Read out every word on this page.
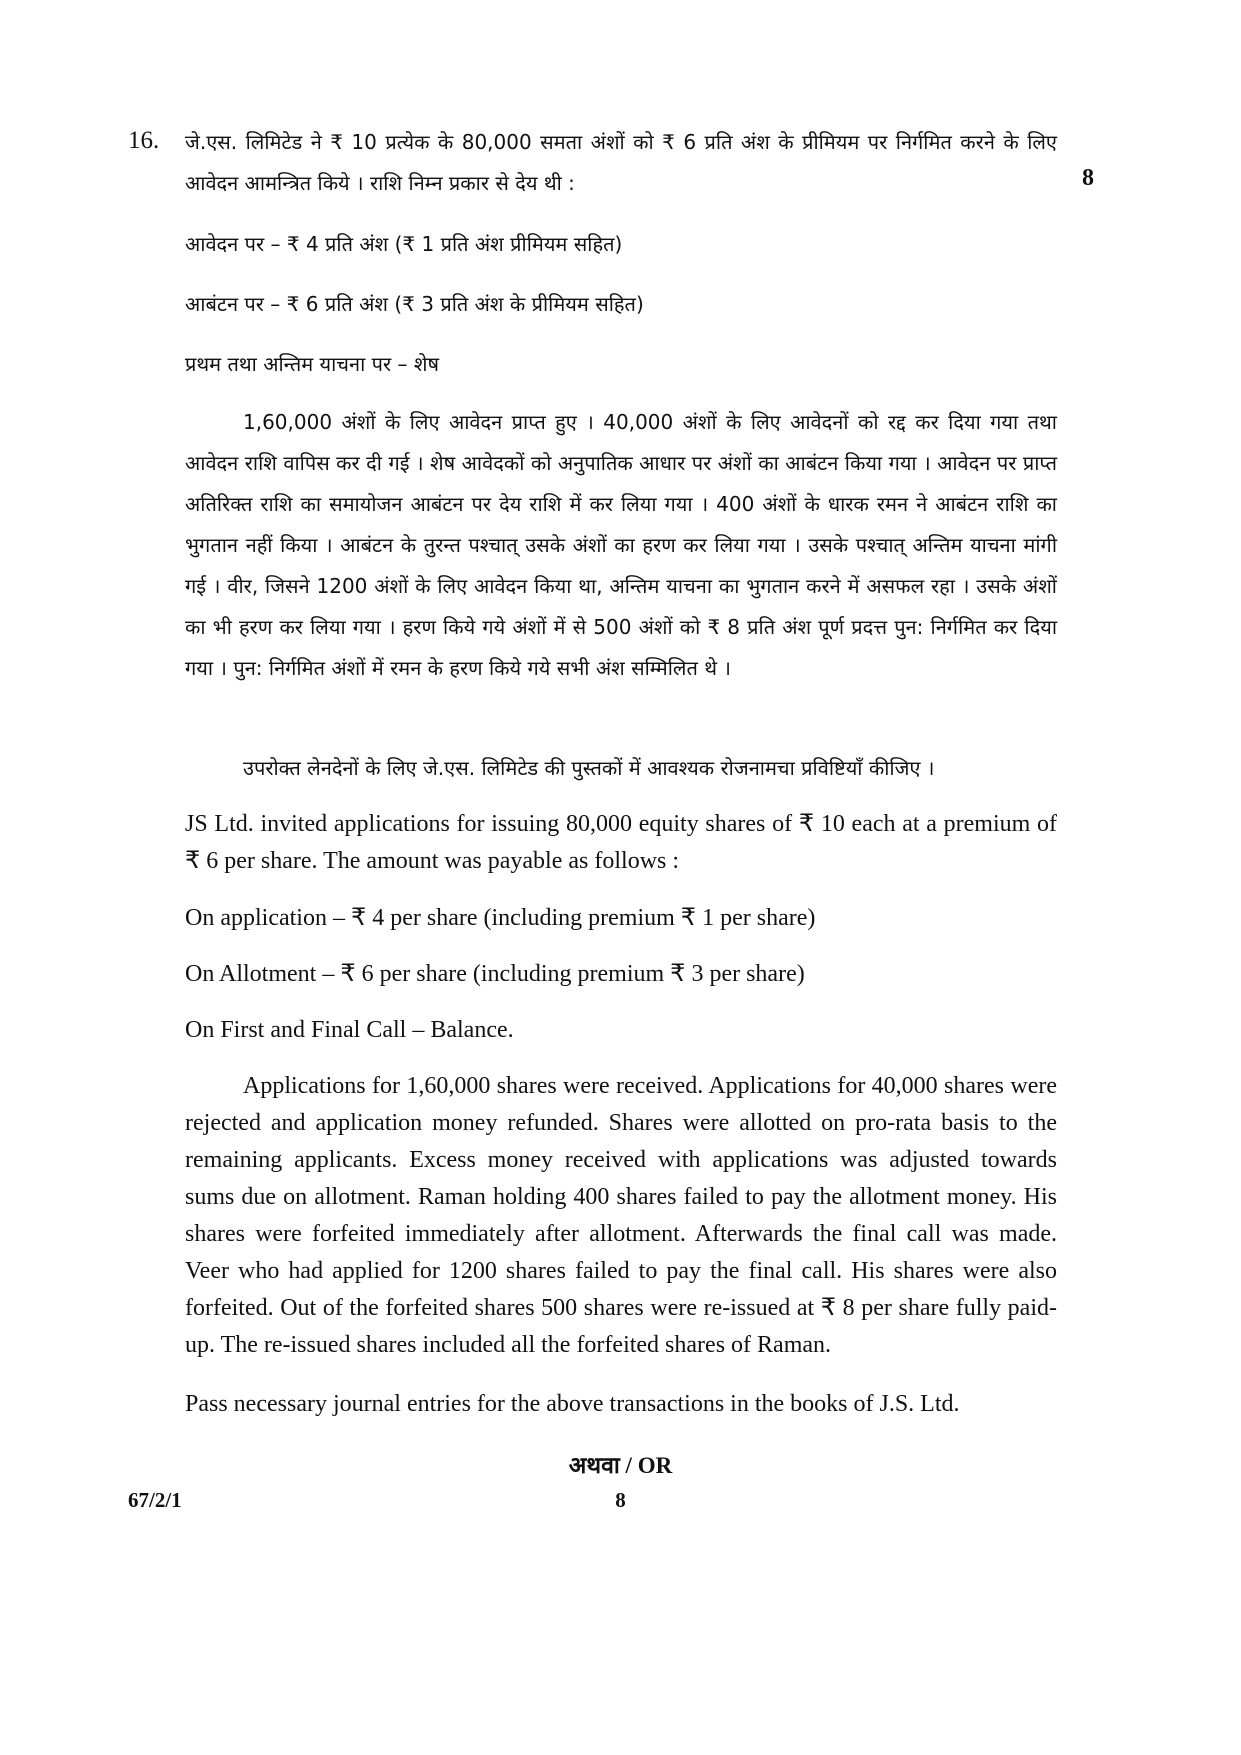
16.
8

जे.एस. लिमिटेड ने ₹ 10 प्रत्येक के 80,000 समता अंशों को ₹ 6 प्रति अंश के प्रीमियम पर निर्गमित करने के लिए आवेदन आमन्त्रित किये । राशि निम्न प्रकार से देय थी :

आवेदन पर – ₹ 4 प्रति अंश (₹ 1 प्रति अंश प्रीमियम सहित)

आबंटन पर – ₹ 6 प्रति अंश (₹ 3 प्रति अंश के प्रीमियम सहित)

प्रथम तथा अन्तिम याचना पर – शेष

1,60,000 अंशों के लिए आवेदन प्राप्त हुए । 40,000 अंशों के लिए आवेदनों को रद्द कर दिया गया तथा आवेदन राशि वापिस कर दी गई । शेष आवेदकों को अनुपातिक आधार पर अंशों का आबंटन किया गया । आवेदन पर प्राप्त अतिरिक्त राशि का समायोजन आबंटन पर देय राशि में कर लिया गया । 400 अंशों के धारक रमन ने आबंटन राशि का भुगतान नहीं किया । आबंटन के तुरन्त पश्चात् उसके अंशों का हरण कर लिया गया । उसके पश्चात् अन्तिम याचना मांगी गई । वीर, जिसने 1200 अंशों के लिए आवेदन किया था, अन्तिम याचना का भुगतान करने में असफल रहा । उसके अंशों का भी हरण कर लिया गया । हरण किये गये अंशों में से 500 अंशों को ₹ 8 प्रति अंश पूर्ण प्रदत्त पुन: निर्गमित कर दिया गया । पुन: निर्गमित अंशों में रमन के हरण किये गये सभी अंश सम्मिलित थे ।

उपरोक्त लेनदेनों के लिए जे.एस. लिमिटेड की पुस्तकों में आवश्यक रोजनामचा प्रविष्टियाँ कीजिए ।

JS Ltd. invited applications for issuing 80,000 equity shares of ₹ 10 each at a premium of ₹ 6 per share. The amount was payable as follows :

On application – ₹ 4 per share (including premium ₹ 1 per share)

On Allotment – ₹ 6 per share (including premium ₹ 3 per share)

On First and Final Call – Balance.

Applications for 1,60,000 shares were received. Applications for 40,000 shares were rejected and application money refunded. Shares were allotted on pro-rata basis to the remaining applicants. Excess money received with applications was adjusted towards sums due on allotment. Raman holding 400 shares failed to pay the allotment money. His shares were forfeited immediately after allotment. Afterwards the final call was made. Veer who had applied for 1200 shares failed to pay the final call. His shares were also forfeited. Out of the forfeited shares 500 shares were re-issued at ₹ 8 per share fully paid-up. The re-issued shares included all the forfeited shares of Raman.

Pass necessary journal entries for the above transactions in the books of J.S. Ltd.

अथवा / OR
67/2/1	8
